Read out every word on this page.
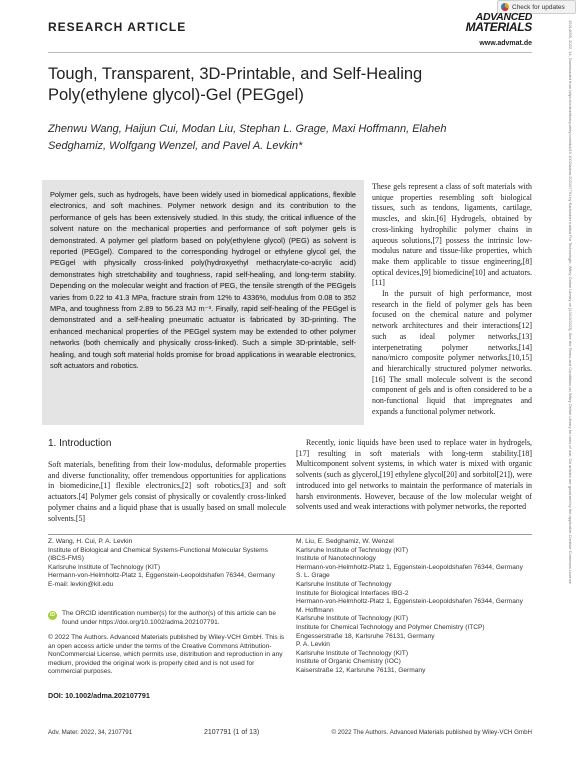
RESEARCH ARTICLE
Check for updates
ADVANCED
MATERIALS
www.advmat.de
Tough, Transparent, 3D-Printable, and Self-Healing Poly(ethylene glycol)-Gel (PEGgel)
Zhenwu Wang, Haijun Cui, Modan Liu, Stephan L. Grage, Maxi Hoffmann, Elaheh Sedghamiz, Wolfgang Wenzel, and Pavel A. Levkin*
Polymer gels, such as hydrogels, have been widely used in biomedical applications, flexible electronics, and soft machines. Polymer network design and its contribution to the performance of gels has been extensively studied. In this study, the critical influence of the solvent nature on the mechanical properties and performance of soft polymer gels is demonstrated. A polymer gel platform based on poly(ethylene glycol) (PEG) as solvent is reported (PEGgel). Compared to the corresponding hydrogel or ethylene glycol gel, the PEGgel with physically cross-linked poly(hydroxyethyl methacrylate-co-acrylic acid) demonstrates high stretchability and toughness, rapid self-healing, and long-term stability. Depending on the molecular weight and fraction of PEG, the tensile strength of the PEGgels varies from 0.22 to 41.3 MPa, fracture strain from 12% to 4336%, modulus from 0.08 to 352 MPa, and toughness from 2.89 to 56.23 MJ m⁻³. Finally, rapid self-healing of the PEGgel is demonstrated and a self-healing pneumatic actuator is fabricated by 3D-printing. The enhanced mechanical properties of the PEGgel system may be extended to other polymer networks (both chemically and physically cross-linked). Such a simple 3D-printable, self-healing, and tough soft material holds promise for broad applications in wearable electronics, soft actuators and robotics.

These gels represent a class of soft materials with unique properties resembling soft biological tissues, such as tendons, ligaments, cartilage, muscles, and skin.[6] Hydrogels, obtained by cross-linking hydrophilic polymer chains in aqueous solutions,[7] possess the intrinsic low-modulus nature and tissue-like properties, which make them applicable to tissue engineering,[8] optical devices,[9] biomedicine[10] and actuators.[11]

In the pursuit of high performance, most research in the field of polymer gels has been focused on the chemical nature and polymer network architectures and their interactions[12] such as ideal polymer networks,[13] interpenetrating polymer networks,[14] nano/micro composite polymer networks,[10,15] and hierarchically structured polymer networks.[16] The small molecule solvent is the second component of gels and is often considered to be a non-functional liquid that impregnates and expands a functional polymer network.

1. Introduction
Soft materials, benefiting from their low-modulus, deformable properties and diverse functionality, offer tremendous opportunities for applications in biomedicine,[1] flexible electronics,[2] soft robotics,[3] and soft actuators.[4] Polymer gels consist of physically or covalently cross-linked polymer chains and a liquid phase that is usually based on small molecule solvents.[5]
Recently, ionic liquids have been used to replace water in hydrogels,[17] resulting in soft materials with long-term stability.[18] Multicomponent solvent systems, in which water is mixed with organic solvents (such as glycerol,[19] ethylene glycol[20] and sorbitol[21]), were introduced into gel networks to maintain the performance of materials in harsh environments. However, because of the low molecular weight of solvents used and weak interactions with polymer networks, the reported
Z. Wang, H. Cui, P. A. Levkin
Institute of Biological and Chemical Systems-Functional Molecular Systems (IBCS-FMS)
Karlsruhe Institute of Technology (KIT)
Hermann-von-Helmholtz-Platz 1, Eggenstein-Leopoldshafen 76344, Germany
E-mail: levkin@kit.edu
M. Liu, E. Sedghamiz, W. Wenzel
Karlsruhe Institute of Technology (KIT)
Institute of Nanotechnology
Hermann-von-Helmholtz-Platz 1, Eggenstein-Leopoldshafen 76344, Germany
S. L. Grage
Karlsruhe Institute of Technology
Institute for Biological Interfaces IBG-2
Hermann-von-Helmholtz-Platz 1, Eggenstein-Leopoldshafen 76344, Germany
M. Hoffmann
Karlsruhe Institute of Technology (KIT)
Institute for Chemical Technology and Polymer Chemistry (ITCP)
Engesserstraße 18, Karlsruhe 76131, Germany
P. A. Levkin
Karlsruhe Institute of Technology (KIT)
Institute of Organic Chemistry (IOC)
Kaiserstraße 12, Karlsruhe 76131, Germany
iD	The ORCID identification number(s) for the author(s) of this article can be found under https://doi.org/10.1002/adma.202107791.
© 2022 The Authors. Advanced Materials published by Wiley-VCH GmbH. This is an open access article under the terms of the Creative Commons Attribution-NonCommercial License, which permits use, distribution and reproduction in any medium, provided the original work is properly cited and is not used for commercial purposes.
DOI: 10.1002/adma.202107791
Adv. Mater. 2022, 34, 2107791	2107791 (1 of 13)	© 2022 The Authors. Advanced Materials published by Wiley-VCH GmbH
15214095, 2022, 14, Downloaded from https://onlinelibrary.wiley.com/doi/10.1002/adma.202107791 by Karlsruher Institut Für Technologie, Wiley Online Library on [13/12/2022]. See the Terms and Conditions on Wiley Online Library for rules of use; OA articles are governed by the applicable Creative Commons License
